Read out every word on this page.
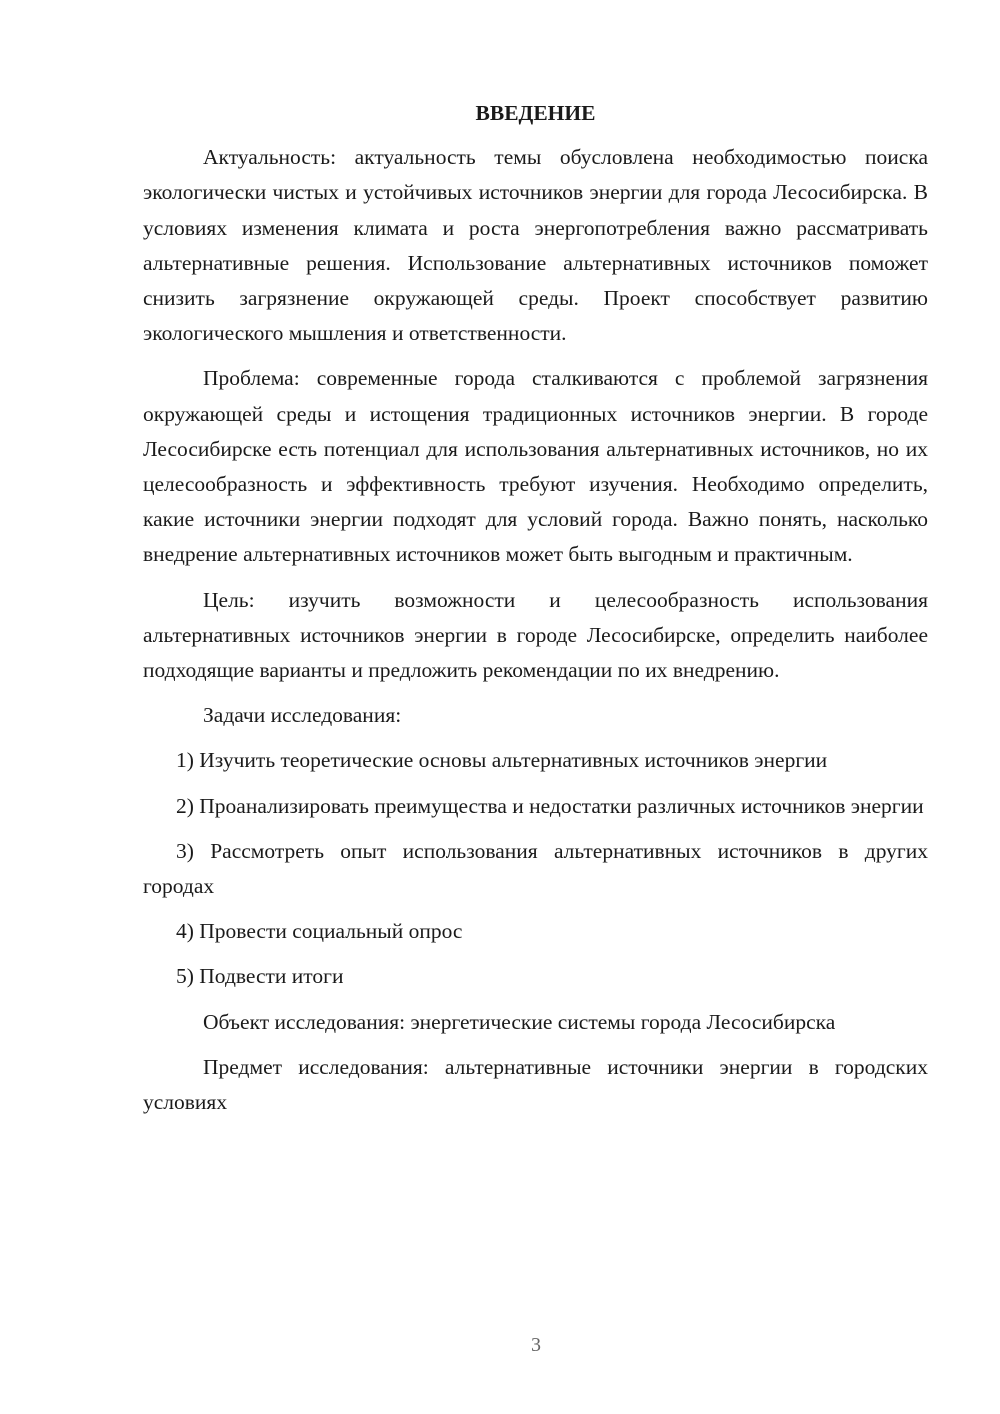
ВВЕДЕНИЕ

Актуальность: актуальность темы обусловлена необходимостью поиска экологически чистых и устойчивых источников энергии для города Лесосибирска. В условиях изменения климата и роста энергопотребления важно рассматривать альтернативные решения. Использование альтернативных источников поможет снизить загрязнение окружающей среды. Проект способствует развитию экологического мышления и ответственности.

Проблема: современные города сталкиваются с проблемой загрязнения окружающей среды и истощения традиционных источников энергии. В городе Лесосибирске есть потенциал для использования альтернативных источников, но их целесообразность и эффективность требуют изучения. Необходимо определить, какие источники энергии подходят для условий города. Важно понять, насколько внедрение альтернативных источников может быть выгодным и практичным.

Цель: изучить возможности и целесообразность использования альтернативных источников энергии в городе Лесосибирске, определить наиболее подходящие варианты и предложить рекомендации по их внедрению.

Задачи исследования:

1) Изучить теоретические основы альтернативных источников энергии

2) Проанализировать преимущества и недостатки различных источников энергии

3) Рассмотреть опыт использования альтернативных источников в других городах

4) Провести социальный опрос

5) Подвести итоги

Объект исследования: энергетические системы города Лесосибирска

Предмет исследования: альтернативные источники энергии в городских условиях

3
